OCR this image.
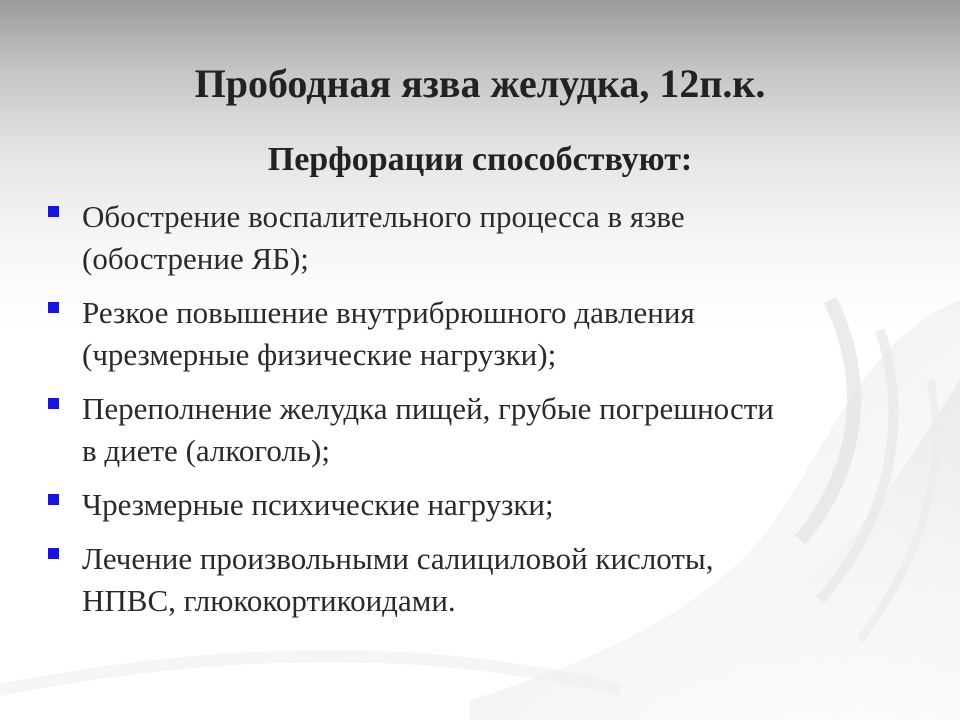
Прободная язва желудка, 12п.к.
Перфорации способствуют:
Обострение воспалительного процесса в язве
(обострение ЯБ);
Резкое повышение внутрибрюшного давления
(чрезмерные физические нагрузки);
Переполнение желудка пищей, грубые погрешности
в диете (алкоголь);
Чрезмерные психические нагрузки;
Лечение произвольными салициловой кислоты,
НПВС, глюкокортикоидами.
